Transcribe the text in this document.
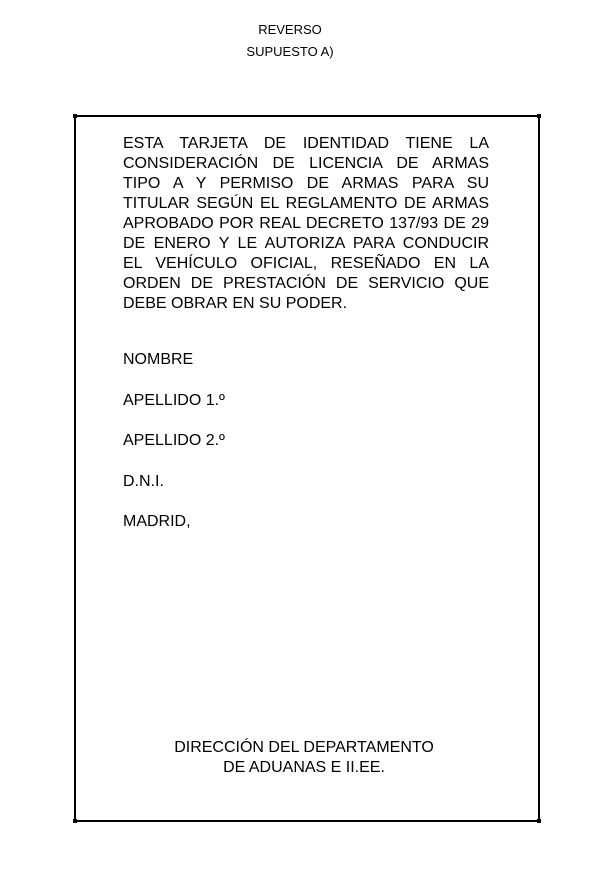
REVERSO
SUPUESTO A)

ESTA TARJETA DE IDENTIDAD TIENE LA CONSIDERACIÓN DE LICENCIA DE ARMAS TIPO A Y PERMISO DE ARMAS PARA SU TITULAR SEGÚN EL REGLAMENTO DE ARMAS APROBADO POR REAL DECRETO 137/93 DE 29 DE ENERO Y LE AUTORIZA PARA CONDUCIR EL VEHÍCULO OFICIAL, RESEÑADO EN LA ORDEN DE PRESTACIÓN DE SERVICIO QUE DEBE OBRAR EN SU PODER.

NOMBRE

APELLIDO 1.º

APELLIDO 2.º

D.N.I.

MADRID,

DIRECCIÓN DEL DEPARTAMENTO

DE ADUANAS E II.EE.
